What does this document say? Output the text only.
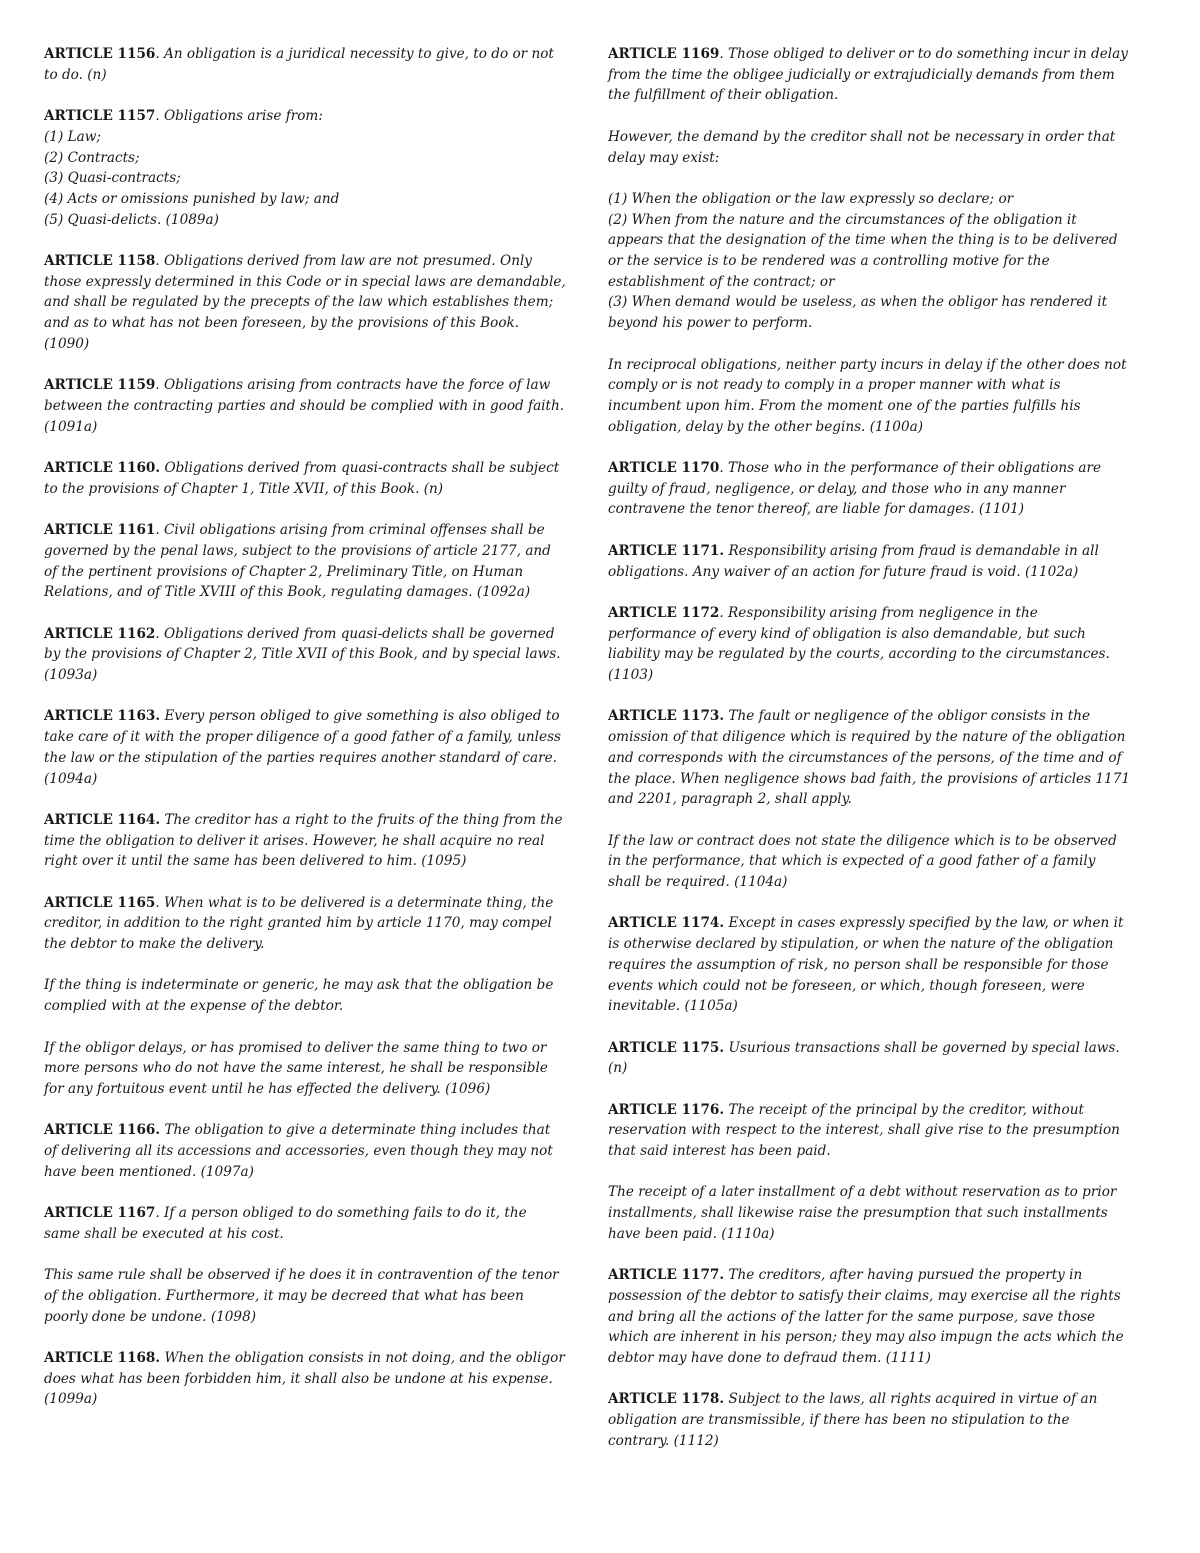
ARTICLE 1156. An obligation is a juridical necessity to give, to do or not to do. (n)

ARTICLE 1157. Obligations arise from:
(1) Law;
(2) Contracts;
(3) Quasi-contracts;
(4) Acts or omissions punished by law; and
(5) Quasi-delicts. (1089a)

ARTICLE 1158. Obligations derived from law are not presumed. Only those expressly determined in this Code or in special laws are demandable, and shall be regulated by the precepts of the law which establishes them; and as to what has not been foreseen, by the provisions of this Book. (1090)

ARTICLE 1159. Obligations arising from contracts have the force of law between the contracting parties and should be complied with in good faith. (1091a)

ARTICLE 1160. Obligations derived from quasi-contracts shall be subject to the provisions of Chapter 1, Title XVII, of this Book. (n)

ARTICLE 1161. Civil obligations arising from criminal offenses shall be governed by the penal laws, subject to the provisions of article 2177, and of the pertinent provisions of Chapter 2, Preliminary Title, on Human Relations, and of Title XVIII of this Book, regulating damages. (1092a)

ARTICLE 1162. Obligations derived from quasi-delicts shall be governed by the provisions of Chapter 2, Title XVII of this Book, and by special laws. (1093a)

ARTICLE 1163. Every person obliged to give something is also obliged to take care of it with the proper diligence of a good father of a family, unless the law or the stipulation of the parties requires another standard of care. (1094a)

ARTICLE 1164. The creditor has a right to the fruits of the thing from the time the obligation to deliver it arises. However, he shall acquire no real right over it until the same has been delivered to him. (1095)

ARTICLE 1165. When what is to be delivered is a determinate thing, the creditor, in addition to the right granted him by article 1170, may compel the debtor to make the delivery.

If the thing is indeterminate or generic, he may ask that the obligation be complied with at the expense of the debtor.

If the obligor delays, or has promised to deliver the same thing to two or more persons who do not have the same interest, he shall be responsible for any fortuitous event until he has effected the delivery. (1096)

ARTICLE 1166. The obligation to give a determinate thing includes that of delivering all its accessions and accessories, even though they may not have been mentioned. (1097a)

ARTICLE 1167. If a person obliged to do something fails to do it, the same shall be executed at his cost.

This same rule shall be observed if he does it in contravention of the tenor of the obligation. Furthermore, it may be decreed that what has been poorly done be undone. (1098)

ARTICLE 1168. When the obligation consists in not doing, and the obligor does what has been forbidden him, it shall also be undone at his expense. (1099a)

ARTICLE 1169. Those obliged to deliver or to do something incur in delay from the time the obligee judicially or extrajudicially demands from them the fulfillment of their obligation.

However, the demand by the creditor shall not be necessary in order that delay may exist:

(1) When the obligation or the law expressly so declare; or
(2) When from the nature and the circumstances of the obligation it appears that the designation of the time when the thing is to be delivered or the service is to be rendered was a controlling motive for the establishment of the contract; or
(3) When demand would be useless, as when the obligor has rendered it beyond his power to perform.

In reciprocal obligations, neither party incurs in delay if the other does not comply or is not ready to comply in a proper manner with what is incumbent upon him. From the moment one of the parties fulfills his obligation, delay by the other begins. (1100a)

ARTICLE 1170. Those who in the performance of their obligations are guilty of fraud, negligence, or delay, and those who in any manner contravene the tenor thereof, are liable for damages. (1101)

ARTICLE 1171. Responsibility arising from fraud is demandable in all obligations. Any waiver of an action for future fraud is void. (1102a)

ARTICLE 1172. Responsibility arising from negligence in the performance of every kind of obligation is also demandable, but such liability may be regulated by the courts, according to the circumstances. (1103)

ARTICLE 1173. The fault or negligence of the obligor consists in the omission of that diligence which is required by the nature of the obligation and corresponds with the circumstances of the persons, of the time and of the place. When negligence shows bad faith, the provisions of articles 1171 and 2201, paragraph 2, shall apply.

If the law or contract does not state the diligence which is to be observed in the performance, that which is expected of a good father of a family shall be required. (1104a)

ARTICLE 1174. Except in cases expressly specified by the law, or when it is otherwise declared by stipulation, or when the nature of the obligation requires the assumption of risk, no person shall be responsible for those events which could not be foreseen, or which, though foreseen, were inevitable. (1105a)

ARTICLE 1175. Usurious transactions shall be governed by special laws. (n)

ARTICLE 1176. The receipt of the principal by the creditor, without reservation with respect to the interest, shall give rise to the presumption that said interest has been paid.

The receipt of a later installment of a debt without reservation as to prior installments, shall likewise raise the presumption that such installments have been paid. (1110a)

ARTICLE 1177. The creditors, after having pursued the property in possession of the debtor to satisfy their claims, may exercise all the rights and bring all the actions of the latter for the same purpose, save those which are inherent in his person; they may also impugn the acts which the debtor may have done to defraud them. (1111)

ARTICLE 1178. Subject to the laws, all rights acquired in virtue of an obligation are transmissible, if there has been no stipulation to the contrary. (1112)
